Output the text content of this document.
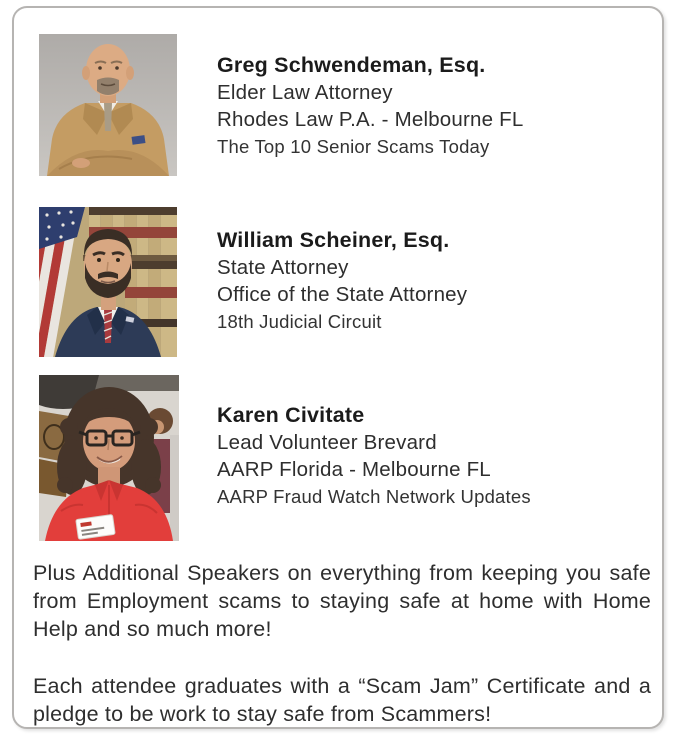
Greg Schwendeman, Esq.
Elder Law Attorney
Rhodes Law P.A. - Melbourne FL
The Top 10 Senior Scams Today
William Scheiner, Esq.
State Attorney
Office of the State Attorney
18th Judicial Circuit
Karen Civitate
Lead Volunteer Brevard
AARP Florida - Melbourne FL
AARP Fraud Watch Network Updates

Plus Additional Speakers on everything from keeping you safe from Employment scams to staying safe at home with Home Help and so much more!

Each attendee graduates with a “Scam Jam” Certificate and a pledge to be work to stay safe from Scammers!
